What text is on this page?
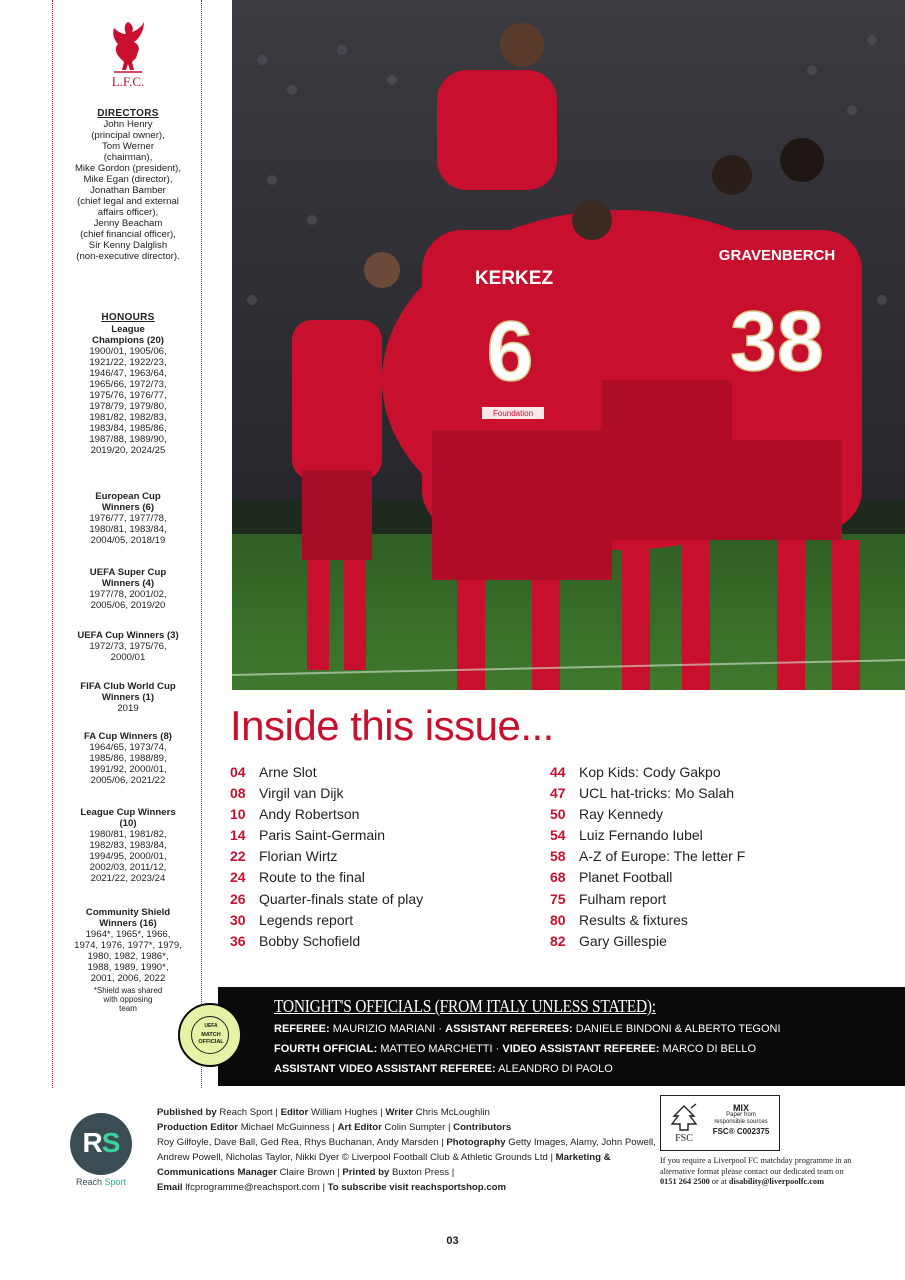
L.F.C.
DIRECTORS
John Henry
(principal owner),
Tom Werner
(chairman),
Mike Gordon (president),
Mike Egan (director),
Jonathan Bamber
(chief legal and external
affairs officer),
Jenny Beacham
(chief financial officer),
Sir Kenny Dalglish
(non-executive director).
HONOURS
League
Champions (20)
1900/01, 1905/06,
1921/22, 1922/23,
1946/47, 1963/64,
1965/66, 1972/73,
1975/76, 1976/77,
1978/79, 1979/80,
1981/82, 1982/83,
1983/84, 1985/86,
1987/88, 1989/90,
2019/20, 2024/25
European Cup
Winners (6)
1976/77, 1977/78,
1980/81, 1983/84,
2004/05, 2018/19
UEFA Super Cup
Winners (4)
1977/78, 2001/02,
2005/06, 2019/20
UEFA Cup Winners (3)
1972/73, 1975/76,
2000/01
FIFA Club World Cup
Winners (1)
2019
FA Cup Winners (8)
1964/65, 1973/74,
1985/86, 1988/89,
1991/92, 2000/01,
2005/06, 2021/22
League Cup Winners
(10)
1980/81, 1981/82,
1982/83, 1983/84,
1994/95, 2000/01,
2002/03, 2011/12,
2021/22, 2023/24
Community Shield
Winners (16)
1964*, 1965*, 1966,
1974, 1976, 1977*, 1979,
1980, 1982, 1986*,
1988, 1989, 1990*,
2001, 2006, 2022
*Shield was shared
with opposing
team
KERKEZ
6
GRAVENBERCH
38
Foundation
Inside this issue...
04 Arne Slot
08 Virgil van Dijk
10 Andy Robertson
14 Paris Saint-Germain
22 Florian Wirtz
24 Route to the final
26 Quarter-finals state of play
30 Legends report
36 Bobby Schofield
44 Kop Kids: Cody Gakpo
47 UCL hat-tricks: Mo Salah
50 Ray Kennedy
54 Luiz Fernando Iubel
58 A-Z of Europe: The letter F
68 Planet Football
75 Fulham report
80 Results & fixtures
82 Gary Gillespie
TONIGHT'S OFFICIALS (FROM ITALY UNLESS STATED):
REFEREE: MAURIZIO MARIANI · ASSISTANT REFEREES: DANIELE BINDONI & ALBERTO TEGONI
FOURTH OFFICIAL: MATTEO MARCHETTI · VIDEO ASSISTANT REFEREE: MARCO DI BELLO
ASSISTANT VIDEO ASSISTANT REFEREE: ALEANDRO DI PAOLO
UEFA
MATCH
OFFICIAL
RS
Reach Sport
Published by Reach Sport | Editor William Hughes | Writer Chris McLoughlin
Production Editor Michael McGuinness | Art Editor Colin Sumpter | Contributors
Roy Gilfoyle, Dave Ball, Ged Rea, Rhys Buchanan, Andy Marsden | Photography Getty Images, Alamy, John Powell, Andrew Powell, Nicholas Taylor, Nikki Dyer © Liverpool Football Club & Athletic Grounds Ltd | Marketing & Communications Manager Claire Brown | Printed by Buxton Press |
Email lfcprogramme@reachsport.com | To subscribe visit reachsportshop.com
FSC
MIX
Paper from
responsible sources
FSC® C002375
If you require a Liverpool FC matchday programme in an alternative format please contact our dedicated team on 0151 264 2500 or at disability@liverpoolfc.com
03
